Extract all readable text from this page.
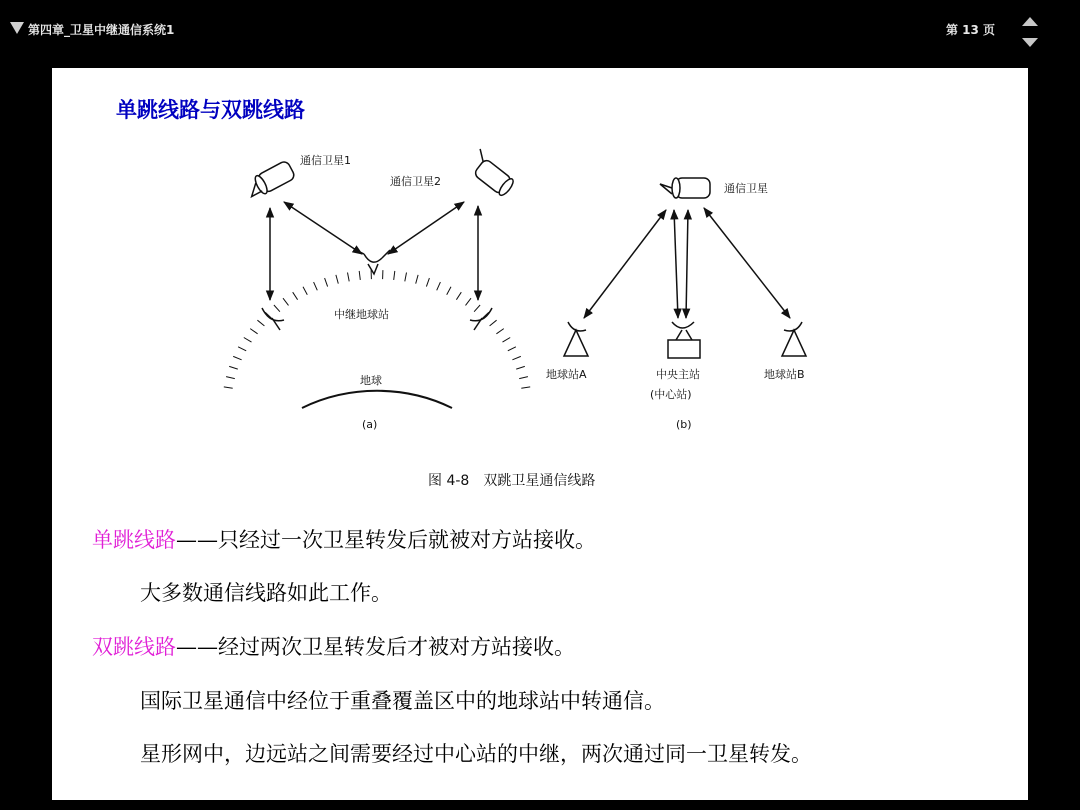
第四章_卫星中继通信系统1	第 13 页
单跳线路与双跳线路
通信卫星1
通信卫星2
中继地球站
地球
(a)
通信卫星
地球站A	中央主站
(中心站)
地球站B
(b)
图 4-8　双跳卫星通信线路
单跳线路——只经过一次卫星转发后就被对方站接收。
大多数通信线路如此工作。
双跳线路——经过两次卫星转发后才被对方站接收。
国际卫星通信中经位于重叠覆盖区中的地球站中转通信。
星形网中，边远站之间需要经过中心站的中继，两次通过同一卫星转发。
